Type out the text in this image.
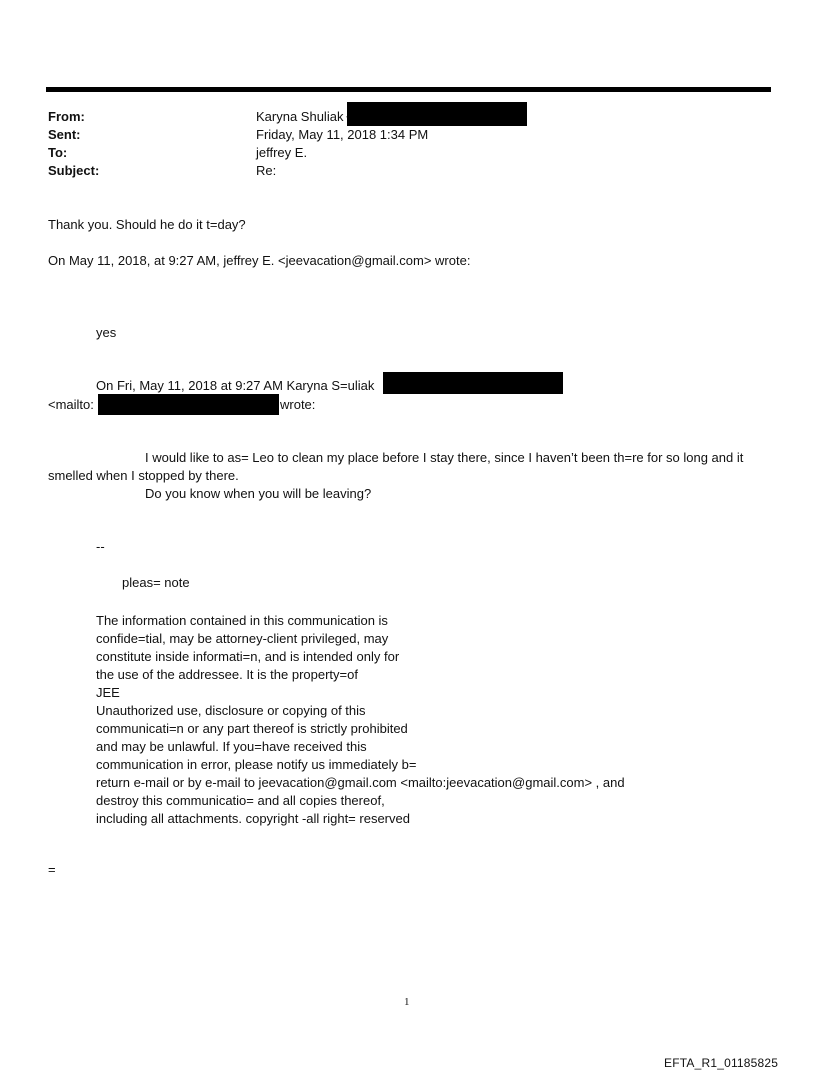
From:	Karyna Shuliak
Sent:	Friday, May 11, 2018 1:34 PM
To:	jeffrey E.
Subject:	Re:
Thank you. Should he do it t=day?
On May 11, 2018, at 9:27 AM, jeffrey E. <jeevacation@gmail.com> wrote:
yes
On Fri, May 11, 2018 at 9:27 AM Karyna S=uliak
<mailto:	wrote:
I would like to as= Leo to clean my place before I stay there, since I haven’t been th=re for so long and it
smelled when I stopped by there.
Do you know when you will be leaving?
--
pleas= note
The information contained in this communication is
confide=tial, may be attorney-client privileged, may
constitute inside informati=n, and is intended only for
the use of the addressee. It is the property=of
JEE
Unauthorized use, disclosure or copying of this
communicati=n or any part thereof is strictly prohibited
and may be unlawful. If you=have received this
communication in error, please notify us immediately b=
return e-mail or by e-mail to jeevacation@gmail.com <mailto:jeevacation@gmail.com> , and
destroy this communicatio= and all copies thereof,
including all attachments. copyright -all right= reserved
=
1
EFTA_R1_01185825
